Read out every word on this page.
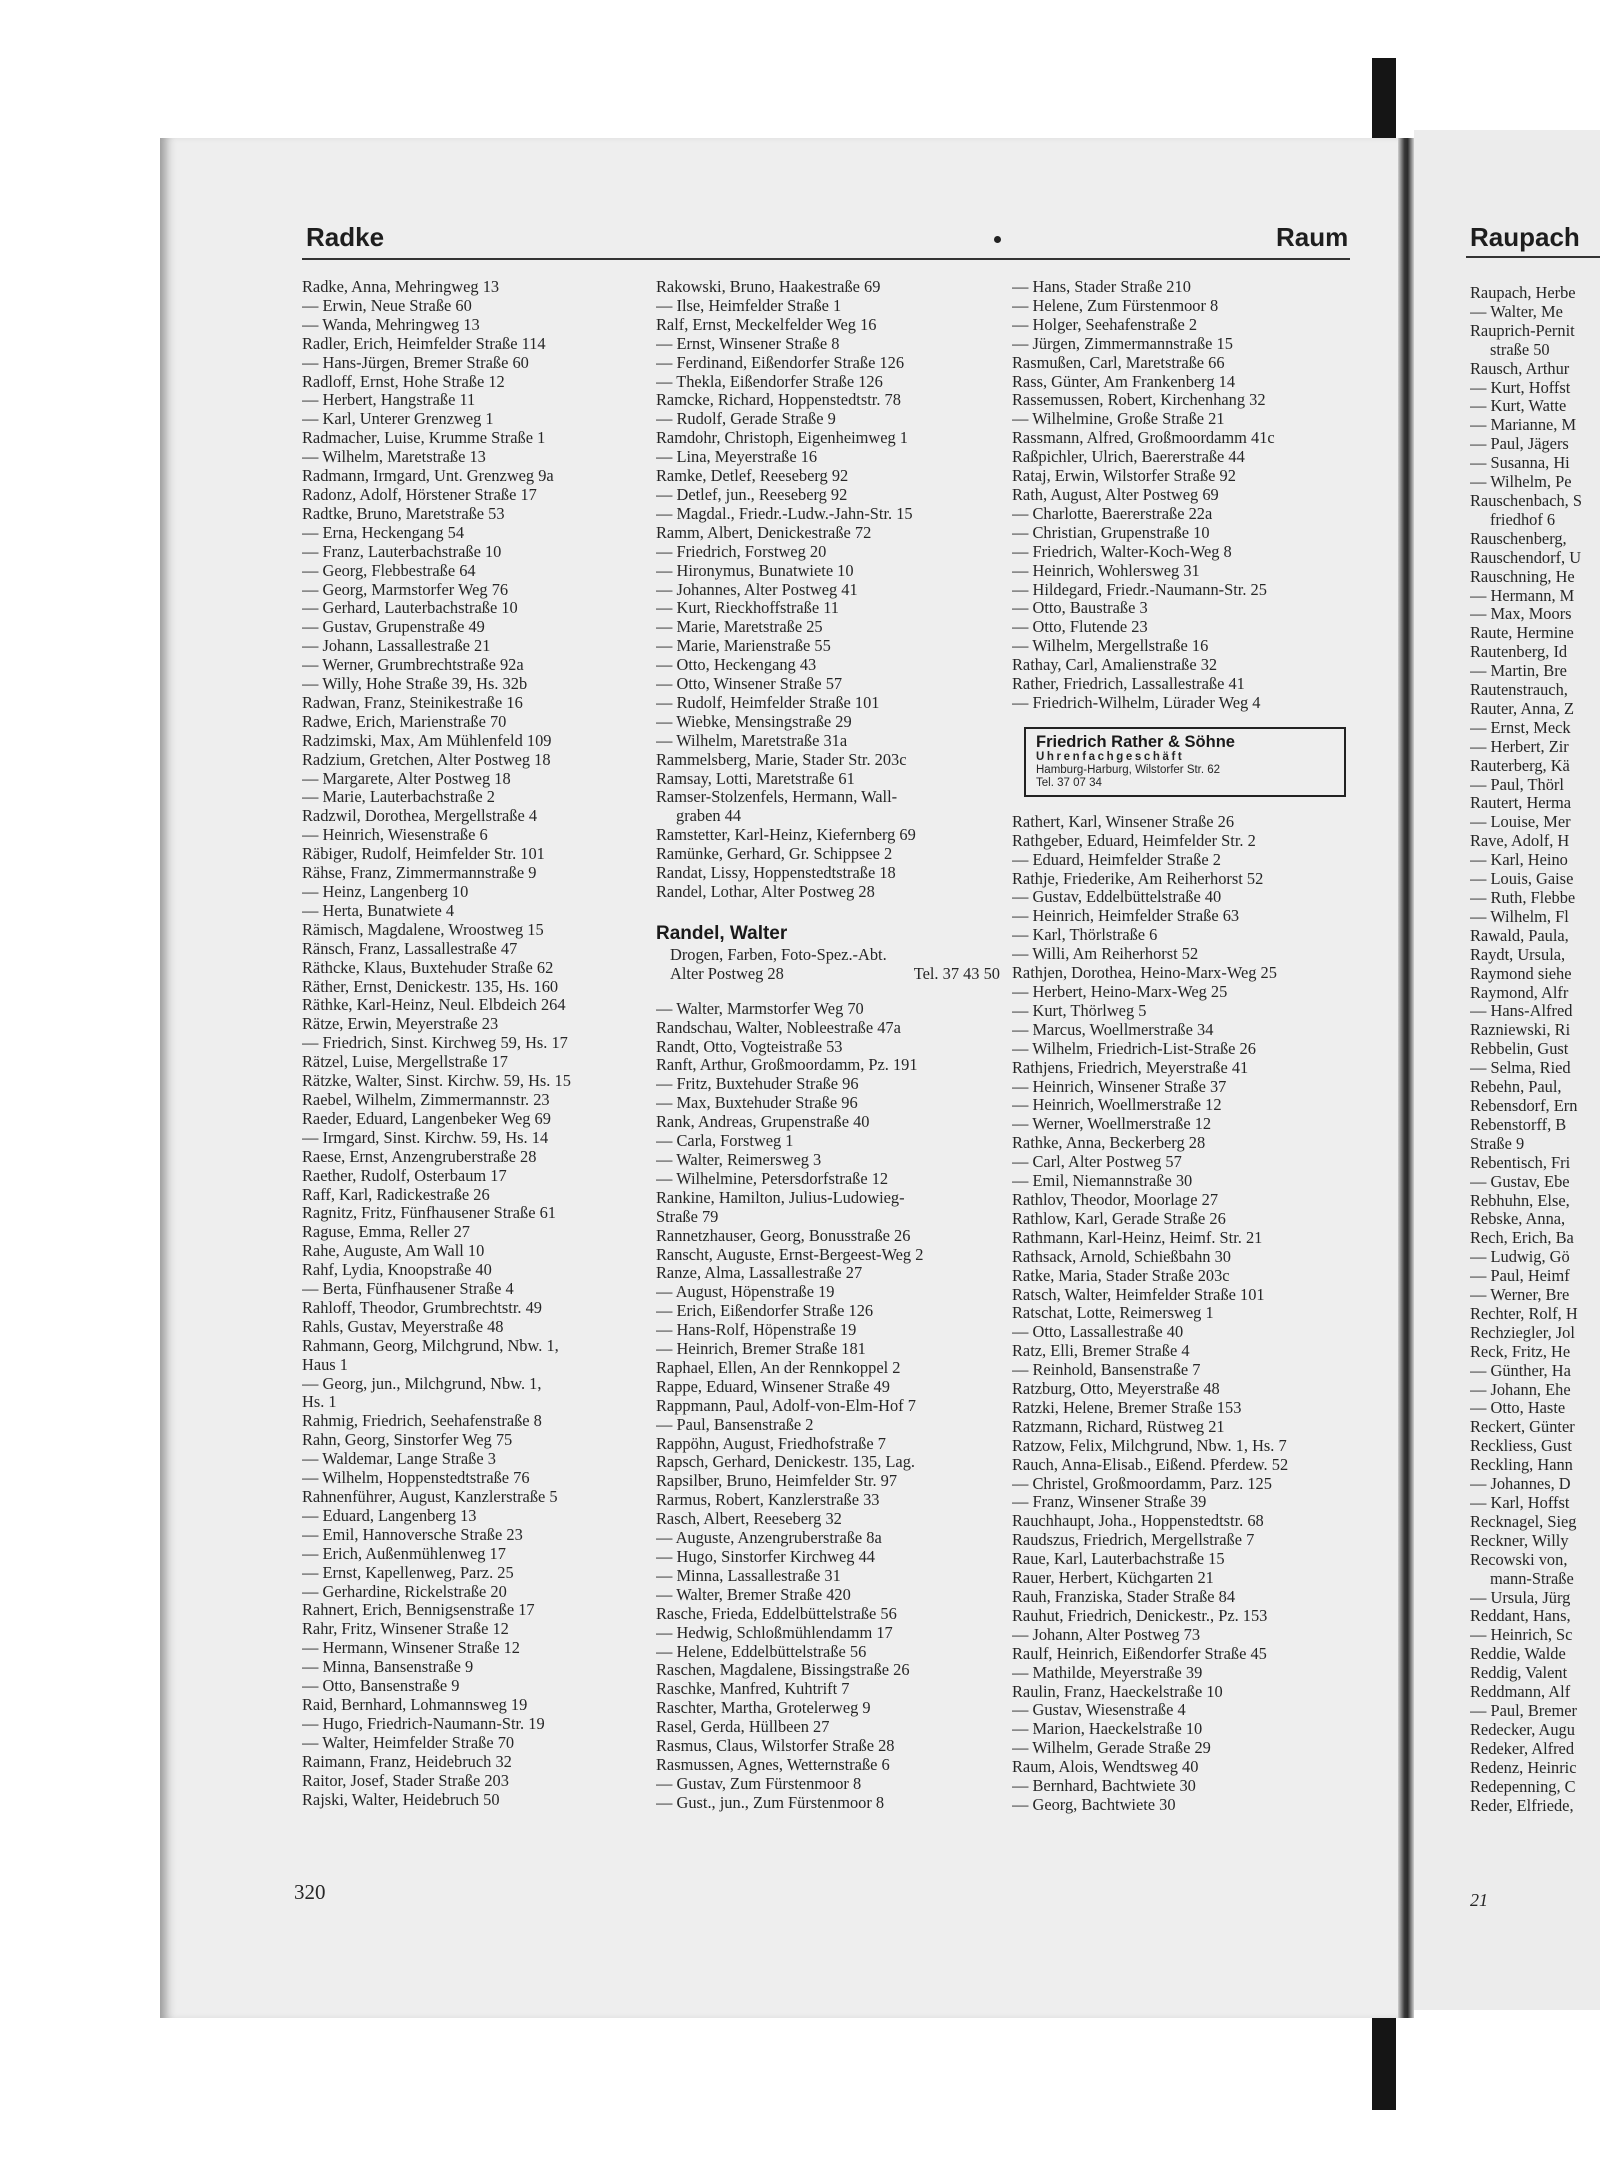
Raupach
Raupach, Herbe
— Walter, Me
Rauprich-Pernit
straße 50
Rausch, Arthur
— Kurt, Hoffst
— Kurt, Watte
— Marianne, M
— Paul, Jägers
— Susanna, Hi
— Wilhelm, Pe
Rauschenbach, S
friedhof 6
Rauschenberg,
Rauschendorf, U
Rauschning, He
— Hermann, M
— Max, Moors
Raute, Hermine
Rautenberg, Id
— Martin, Bre
Rautenstrauch,
Rauter, Anna, Z
— Ernst, Meck
— Herbert, Zir
Rauterberg, Kä
— Paul, Thörl
Rautert, Herma
— Louise, Mer
Rave, Adolf, H
— Karl, Heino
— Louis, Gaise
— Ruth, Flebbe
— Wilhelm, Fl
Rawald, Paula,
Raydt, Ursula,
Raymond siehe
Raymond, Alfr
— Hans-Alfred
Razniewski, Ri
Rebbelin, Gust
— Selma, Ried
Rebehn, Paul,
Rebensdorf, Ern
Rebenstorff, B
Straße 9
Rebentisch, Fri
— Gustav, Ebe
Rebhuhn, Else,
Rebske, Anna,
Rech, Erich, Ba
— Ludwig, Gö
— Paul, Heimf
— Werner, Bre
Rechter, Rolf, H
Rechziegler, Jol
Reck, Fritz, He
— Günther, Ha
— Johann, Ehe
— Otto, Haste
Reckert, Günter
Reckliess, Gust
Reckling, Hann
— Johannes, D
— Karl, Hoffst
Recknagel, Sieg
Reckner, Willy
Recowski von,
mann-Straße
— Ursula, Jürg
Reddant, Hans,
— Heinrich, Sc
Reddie, Walde
Reddig, Valent
Reddmann, Alf
— Paul, Bremer
Redecker, Augu
Redeker, Alfred
Redenz, Heinric
Redepenning, C
Reder, Elfriede,
21
Radke	Raum
Radke, Anna, Mehringweg 13
— Erwin, Neue Straße 60
— Wanda, Mehringweg 13
Radler, Erich, Heimfelder Straße 114
— Hans-Jürgen, Bremer Straße 60
Radloff, Ernst, Hohe Straße 12
— Herbert, Hangstraße 11
— Karl, Unterer Grenzweg 1
Radmacher, Luise, Krumme Straße 1
— Wilhelm, Maretstraße 13
Radmann, Irmgard, Unt. Grenzweg 9a
Radonz, Adolf, Hörstener Straße 17
Radtke, Bruno, Maretstraße 53
— Erna, Heckengang 54
— Franz, Lauterbachstraße 10
— Georg, Flebbestraße 64
— Georg, Marmstorfer Weg 76
— Gerhard, Lauterbachstraße 10
— Gustav, Grupenstraße 49
— Johann, Lassallestraße 21
— Werner, Grumbrechtstraße 92a
— Willy, Hohe Straße 39, Hs. 32b
Radwan, Franz, Steinikestraße 16
Radwe, Erich, Marienstraße 70
Radzimski, Max, Am Mühlenfeld 109
Radzium, Gretchen, Alter Postweg 18
— Margarete, Alter Postweg 18
— Marie, Lauterbachstraße 2
Radzwil, Dorothea, Mergellstraße 4
— Heinrich, Wiesenstraße 6
Räbiger, Rudolf, Heimfelder Str. 101
Rähse, Franz, Zimmermannstraße 9
— Heinz, Langenberg 10
— Herta, Bunatwiete 4
Rämisch, Magdalene, Wroostweg 15
Ränsch, Franz, Lassallestraße 47
Räthcke, Klaus, Buxtehuder Straße 62
Räther, Ernst, Denickestr. 135, Hs. 160
Räthke, Karl-Heinz, Neul. Elbdeich 264
Rätze, Erwin, Meyerstraße 23
— Friedrich, Sinst. Kirchweg 59, Hs. 17
Rätzel, Luise, Mergellstraße 17
Rätzke, Walter, Sinst. Kirchw. 59, Hs. 15
Raebel, Wilhelm, Zimmermannstr. 23
Raeder, Eduard, Langenbeker Weg 69
— Irmgard, Sinst. Kirchw. 59, Hs. 14
Raese, Ernst, Anzengruberstraße 28
Raether, Rudolf, Osterbaum 17
Raff, Karl, Radickestraße 26
Ragnitz, Fritz, Fünfhausener Straße 61
Raguse, Emma, Reller 27
Rahe, Auguste, Am Wall 10
Rahf, Lydia, Knoopstraße 40
— Berta, Fünfhausener Straße 4
Rahloff, Theodor, Grumbrechtstr. 49
Rahls, Gustav, Meyerstraße 48
Rahmann, Georg, Milchgrund, Nbw. 1,
Haus 1
— Georg, jun., Milchgrund, Nbw. 1,
Hs. 1
Rahmig, Friedrich, Seehafenstraße 8
Rahn, Georg, Sinstorfer Weg 75
— Waldemar, Lange Straße 3
— Wilhelm, Hoppenstedtstraße 76
Rahnenführer, August, Kanzlerstraße 5
— Eduard, Langenberg 13
— Emil, Hannoversche Straße 23
— Erich, Außenmühlenweg 17
— Ernst, Kapellenweg, Parz. 25
— Gerhardine, Rickelstraße 20
Rahnert, Erich, Bennigsenstraße 17
Rahr, Fritz, Winsener Straße 12
— Hermann, Winsener Straße 12
— Minna, Bansenstraße 9
— Otto, Bansenstraße 9
Raid, Bernhard, Lohmannsweg 19
— Hugo, Friedrich-Naumann-Str. 19
— Walter, Heimfelder Straße 70
Raimann, Franz, Heidebruch 32
Raitor, Josef, Stader Straße 203
Rajski, Walter, Heidebruch 50
Rakowski, Bruno, Haakestraße 69
— Ilse, Heimfelder Straße 1
Ralf, Ernst, Meckelfelder Weg 16
— Ernst, Winsener Straße 8
— Ferdinand, Eißendorfer Straße 126
— Thekla, Eißendorfer Straße 126
Ramcke, Richard, Hoppenstedtstr. 78
— Rudolf, Gerade Straße 9
Ramdohr, Christoph, Eigenheimweg 1
— Lina, Meyerstraße 16
Ramke, Detlef, Reeseberg 92
— Detlef, jun., Reeseberg 92
— Magdal., Friedr.-Ludw.-Jahn-Str. 15
Ramm, Albert, Denickestraße 72
— Friedrich, Forstweg 20
— Hironymus, Bunatwiete 10
— Johannes, Alter Postweg 41
— Kurt, Rieckhoffstraße 11
— Marie, Maretstraße 25
— Marie, Marienstraße 55
— Otto, Heckengang 43
— Otto, Winsener Straße 57
— Rudolf, Heimfelder Straße 101
— Wiebke, Mensingstraße 29
— Wilhelm, Maretstraße 31a
Rammelsberg, Marie, Stader Str. 203c
Ramsay, Lotti, Maretstraße 61
Ramser-Stolzenfels, Hermann, Wall-
graben 44
Ramstetter, Karl-Heinz, Kiefernberg 69
Ramünke, Gerhard, Gr. Schippsee 2
Randat, Lissy, Hoppenstedtstraße 18
Randel, Lothar, Alter Postweg 28
Randel, Walter
Drogen, Farben, Foto-Spez.-Abt.
Alter Postweg 28	Tel. 37 43 50
— Walter, Marmstorfer Weg 70
Randschau, Walter, Nobleestraße 47a
Randt, Otto, Vogteistraße 53
Ranft, Arthur, Großmoordamm, Pz. 191
— Fritz, Buxtehuder Straße 96
— Max, Buxtehuder Straße 96
Rank, Andreas, Grupenstraße 40
— Carla, Forstweg 1
— Walter, Reimersweg 3
— Wilhelmine, Petersdorfstraße 12
Rankine, Hamilton, Julius-Ludowieg-
Straße 79
Rannetzhauser, Georg, Bonusstraße 26
Ranscht, Auguste, Ernst-Bergeest-Weg 2
Ranze, Alma, Lassallestraße 27
— August, Höpenstraße 19
— Erich, Eißendorfer Straße 126
— Hans-Rolf, Höpenstraße 19
— Heinrich, Bremer Straße 181
Raphael, Ellen, An der Rennkoppel 2
Rappe, Eduard, Winsener Straße 49
Rappmann, Paul, Adolf-von-Elm-Hof 7
— Paul, Bansenstraße 2
Rappöhn, August, Friedhofstraße 7
Rapsch, Gerhard, Denickestr. 135, Lag.
Rapsilber, Bruno, Heimfelder Str. 97
Rarmus, Robert, Kanzlerstraße 33
Rasch, Albert, Reeseberg 32
— Auguste, Anzengruberstraße 8a
— Hugo, Sinstorfer Kirchweg 44
— Minna, Lassallestraße 31
— Walter, Bremer Straße 420
Rasche, Frieda, Eddelbüttelstraße 56
— Hedwig, Schloßmühlendamm 17
— Helene, Eddelbüttelstraße 56
Raschen, Magdalene, Bissingstraße 26
Raschke, Manfred, Kuhtrift 7
Raschter, Martha, Grotelerweg 9
Rasel, Gerda, Hüllbeen 27
Rasmus, Claus, Wilstorfer Straße 28
Rasmussen, Agnes, Wetternstraße 6
— Gustav, Zum Fürstenmoor 8
— Gust., jun., Zum Fürstenmoor 8
— Hans, Stader Straße 210
— Helene, Zum Fürstenmoor 8
— Holger, Seehafenstraße 2
— Jürgen, Zimmermannstraße 15
Rasmußen, Carl, Maretstraße 66
Rass, Günter, Am Frankenberg 14
Rassemussen, Robert, Kirchenhang 32
— Wilhelmine, Große Straße 21
Rassmann, Alfred, Großmoordamm 41c
Raßpichler, Ulrich, Baererstraße 44
Rataj, Erwin, Wilstorfer Straße 92
Rath, August, Alter Postweg 69
— Charlotte, Baererstraße 22a
— Christian, Grupenstraße 10
— Friedrich, Walter-Koch-Weg 8
— Heinrich, Wohlersweg 31
— Hildegard, Friedr.-Naumann-Str. 25
— Otto, Baustraße 3
— Otto, Flutende 23
— Wilhelm, Mergellstraße 16
Rathay, Carl, Amalienstraße 32
Rather, Friedrich, Lassallestraße 41
— Friedrich-Wilhelm, Lürader Weg 4
Friedrich Rather & Söhne
Uhrenfachgeschäft
Hamburg-Harburg, Wilstorfer Str. 62
Tel. 37 07 34
Rathert, Karl, Winsener Straße 26
Rathgeber, Eduard, Heimfelder Str. 2
— Eduard, Heimfelder Straße 2
Rathje, Friederike, Am Reiherhorst 52
— Gustav, Eddelbüttelstraße 40
— Heinrich, Heimfelder Straße 63
— Karl, Thörlstraße 6
— Willi, Am Reiherhorst 52
Rathjen, Dorothea, Heino-Marx-Weg 25
— Herbert, Heino-Marx-Weg 25
— Kurt, Thörlweg 5
— Marcus, Woellmerstraße 34
— Wilhelm, Friedrich-List-Straße 26
Rathjens, Friedrich, Meyerstraße 41
— Heinrich, Winsener Straße 37
— Heinrich, Woellmerstraße 12
— Werner, Woellmerstraße 12
Rathke, Anna, Beckerberg 28
— Carl, Alter Postweg 57
— Emil, Niemannstraße 30
Rathlov, Theodor, Moorlage 27
Rathlow, Karl, Gerade Straße 26
Rathmann, Karl-Heinz, Heimf. Str. 21
Rathsack, Arnold, Schießbahn 30
Ratke, Maria, Stader Straße 203c
Ratsch, Walter, Heimfelder Straße 101
Ratschat, Lotte, Reimersweg 1
— Otto, Lassallestraße 40
Ratz, Elli, Bremer Straße 4
— Reinhold, Bansenstraße 7
Ratzburg, Otto, Meyerstraße 48
Ratzki, Helene, Bremer Straße 153
Ratzmann, Richard, Rüstweg 21
Ratzow, Felix, Milchgrund, Nbw. 1, Hs. 7
Rauch, Anna-Elisab., Eißend. Pferdew. 52
— Christel, Großmoordamm, Parz. 125
— Franz, Winsener Straße 39
Rauchhaupt, Joha., Hoppenstedtstr. 68
Raudszus, Friedrich, Mergellstraße 7
Raue, Karl, Lauterbachstraße 15
Rauer, Herbert, Küchgarten 21
Rauh, Franziska, Stader Straße 84
Rauhut, Friedrich, Denickestr., Pz. 153
— Johann, Alter Postweg 73
Raulf, Heinrich, Eißendorfer Straße 45
— Mathilde, Meyerstraße 39
Raulin, Franz, Haeckelstraße 10
— Gustav, Wiesenstraße 4
— Marion, Haeckelstraße 10
— Wilhelm, Gerade Straße 29
Raum, Alois, Wendtsweg 40
— Bernhard, Bachtwiete 30
— Georg, Bachtwiete 30
320
